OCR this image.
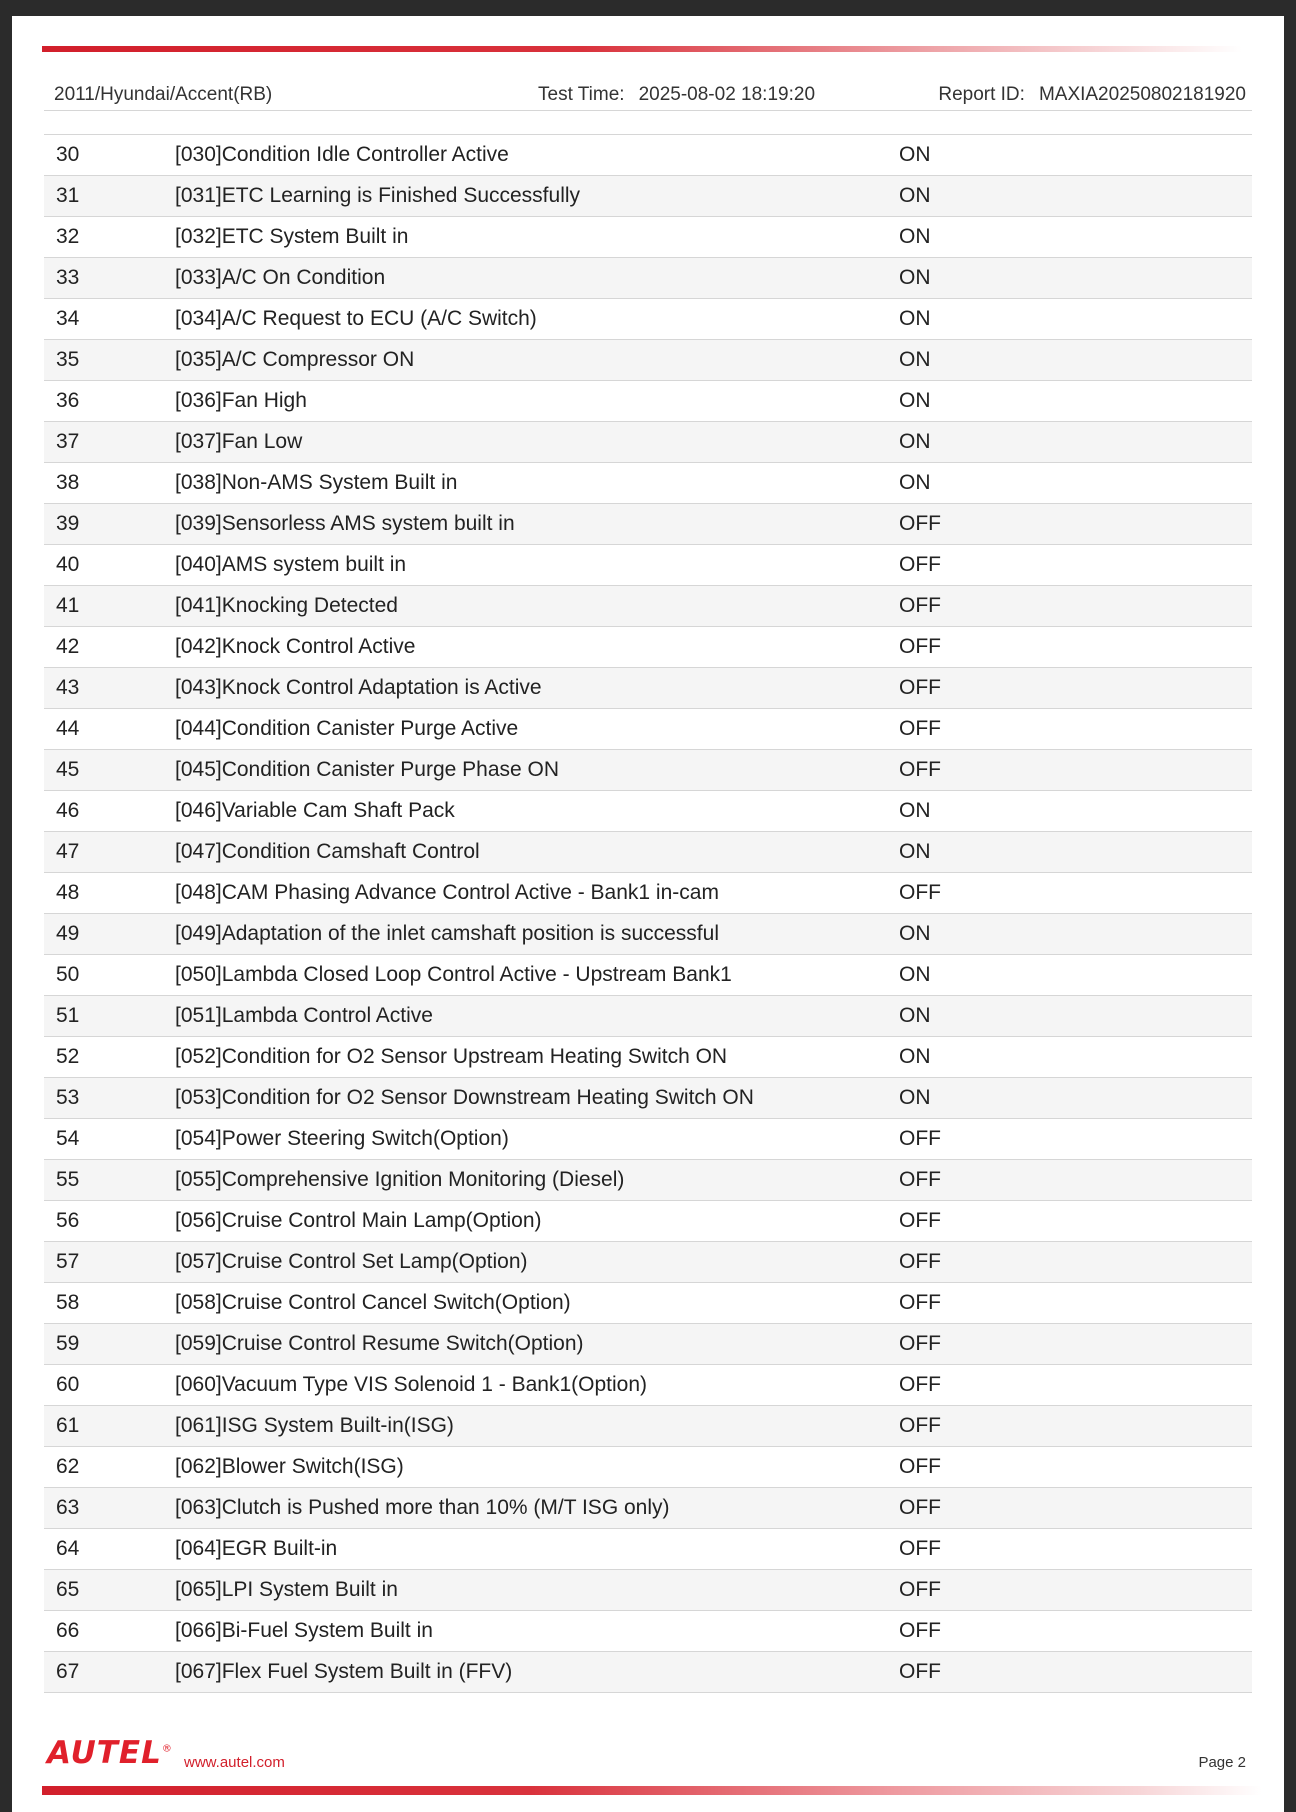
2011/Hyundai/Accent(RB)	Test Time: 2025-08-02 18:19:20	Report ID: MAXIA20250802181920
30	[030]Condition Idle Controller Active	ON
31	[031]ETC Learning is Finished Successfully	ON
32	[032]ETC System Built in	ON
33	[033]A/C On Condition	ON
34	[034]A/C Request to ECU (A/C Switch)	ON
35	[035]A/C Compressor ON	ON
36	[036]Fan High	ON
37	[037]Fan Low	ON
38	[038]Non-AMS System Built in	ON
39	[039]Sensorless AMS system built in	OFF
40	[040]AMS system built in	OFF
41	[041]Knocking Detected	OFF
42	[042]Knock Control Active	OFF
43	[043]Knock Control Adaptation is Active	OFF
44	[044]Condition Canister Purge Active	OFF
45	[045]Condition Canister Purge Phase ON	OFF
46	[046]Variable Cam Shaft Pack	ON
47	[047]Condition Camshaft Control	ON
48	[048]CAM Phasing Advance Control Active - Bank1 in-cam	OFF
49	[049]Adaptation of the inlet camshaft position is successful	ON
50	[050]Lambda Closed Loop Control Active - Upstream Bank1	ON
51	[051]Lambda Control Active	ON
52	[052]Condition for O2 Sensor Upstream Heating Switch ON	ON
53	[053]Condition for O2 Sensor Downstream Heating Switch ON	ON
54	[054]Power Steering Switch(Option)	OFF
55	[055]Comprehensive Ignition Monitoring (Diesel)	OFF
56	[056]Cruise Control Main Lamp(Option)	OFF
57	[057]Cruise Control Set Lamp(Option)	OFF
58	[058]Cruise Control Cancel Switch(Option)	OFF
59	[059]Cruise Control Resume Switch(Option)	OFF
60	[060]Vacuum Type VIS Solenoid 1 - Bank1(Option)	OFF
61	[061]ISG System Built-in(ISG)	OFF
62	[062]Blower Switch(ISG)	OFF
63	[063]Clutch is Pushed more than 10% (M/T ISG only)	OFF
64	[064]EGR Built-in	OFF
65	[065]LPI System Built in	OFF
66	[066]Bi-Fuel System Built in	OFF
67	[067]Flex Fuel System Built in (FFV)	OFF
AUTEL®
www.autel.com	Page 2
